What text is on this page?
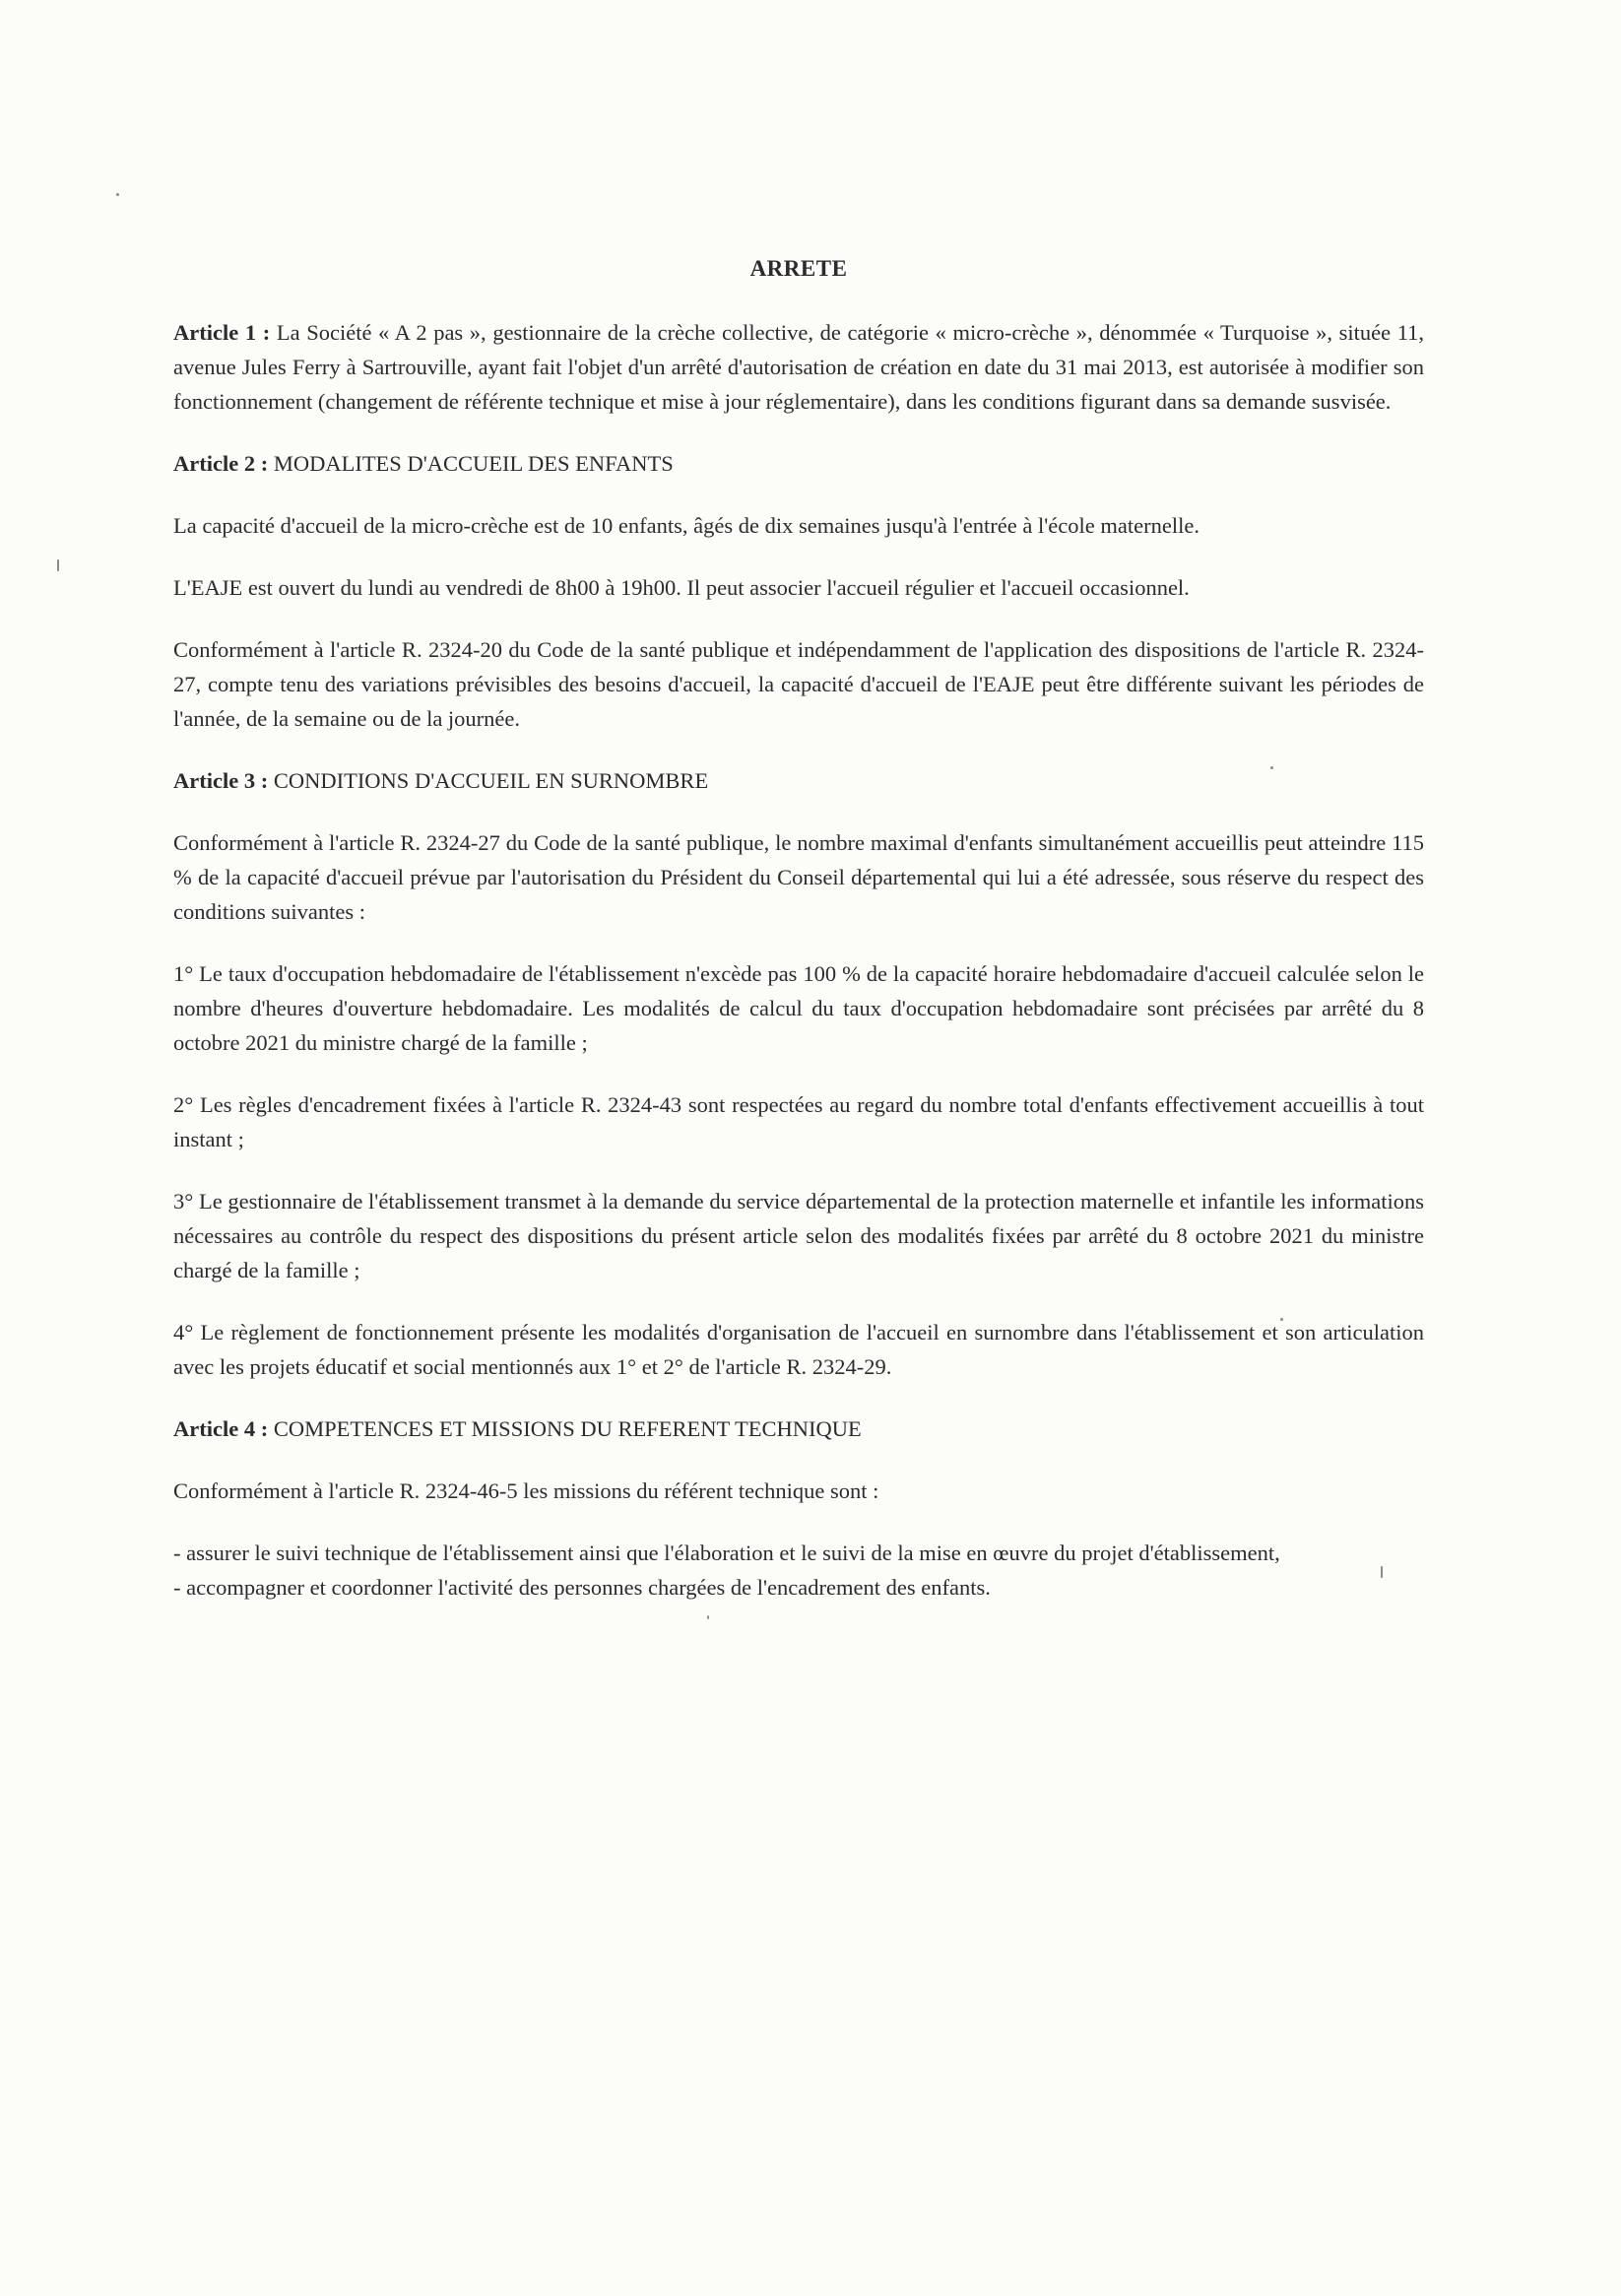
ARRETE

Article 1 : La Société « A 2 pas », gestionnaire de la crèche collective, de catégorie « micro-crèche », dénommée « Turquoise », située 11, avenue Jules Ferry à Sartrouville, ayant fait l'objet d'un arrêté d'autorisation de création en date du 31 mai 2013, est autorisée à modifier son fonctionnement (changement de référente technique et mise à jour réglementaire), dans les conditions figurant dans sa demande susvisée.

Article 2 : MODALITES D'ACCUEIL DES ENFANTS

La capacité d'accueil de la micro-crèche est de 10 enfants, âgés de dix semaines jusqu'à l'entrée à l'école maternelle.

L'EAJE est ouvert du lundi au vendredi de 8h00 à 19h00. Il peut associer l'accueil régulier et l'accueil occasionnel.

Conformément à l'article R. 2324-20 du Code de la santé publique et indépendamment de l'application des dispositions de l'article R. 2324-27, compte tenu des variations prévisibles des besoins d'accueil, la capacité d'accueil de l'EAJE peut être différente suivant les périodes de l'année, de la semaine ou de la journée.

Article 3 : CONDITIONS D'ACCUEIL EN SURNOMBRE

Conformément à l'article R. 2324-27 du Code de la santé publique, le nombre maximal d'enfants simultanément accueillis peut atteindre 115 % de la capacité d'accueil prévue par l'autorisation du Président du Conseil départemental qui lui a été adressée, sous réserve du respect des conditions suivantes :

1° Le taux d'occupation hebdomadaire de l'établissement n'excède pas 100 % de la capacité horaire hebdomadaire d'accueil calculée selon le nombre d'heures d'ouverture hebdomadaire. Les modalités de calcul du taux d'occupation hebdomadaire sont précisées par arrêté du 8 octobre 2021 du ministre chargé de la famille ;

2° Les règles d'encadrement fixées à l'article R. 2324-43 sont respectées au regard du nombre total d'enfants effectivement accueillis à tout instant ;

3° Le gestionnaire de l'établissement transmet à la demande du service départemental de la protection maternelle et infantile les informations nécessaires au contrôle du respect des dispositions du présent article selon des modalités fixées par arrêté du 8 octobre 2021 du ministre chargé de la famille ;

4° Le règlement de fonctionnement présente les modalités d'organisation de l'accueil en surnombre dans l'établissement et son articulation avec les projets éducatif et social mentionnés aux 1° et 2° de l'article R. 2324-29.

Article 4 : COMPETENCES ET MISSIONS DU REFERENT TECHNIQUE

Conformément à l'article R. 2324-46-5 les missions du référent technique sont :

- assurer le suivi technique de l'établissement ainsi que l'élaboration et le suivi de la mise en œuvre du projet d'établissement,

- accompagner et coordonner l'activité des personnes chargées de l'encadrement des enfants.
